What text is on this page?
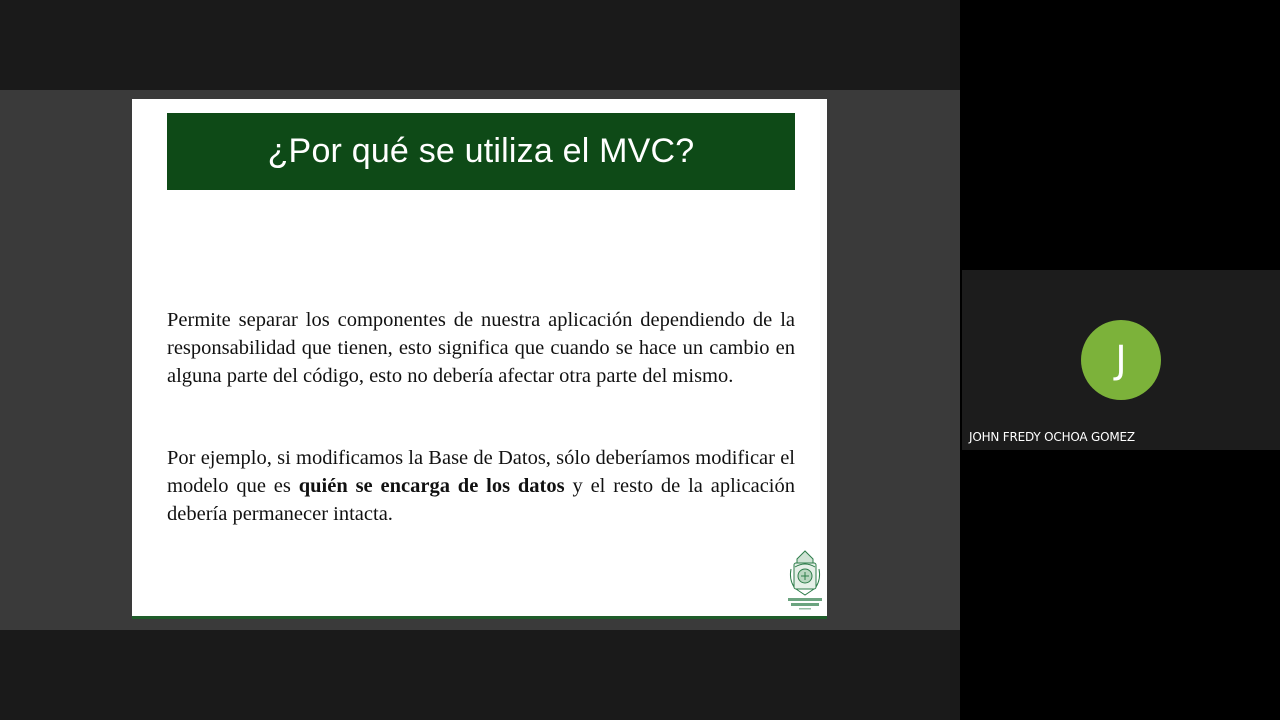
¿Por qué se utiliza el MVC?

Permite separar los componentes de nuestra aplicación dependiendo de la responsabilidad que tienen, esto significa que cuando se hace un cambio en alguna parte del código, esto no debería afectar otra parte del mismo.

Por ejemplo, si modificamos la Base de Datos, sólo deberíamos modificar el modelo que es quién se encarga de los datos y el resto de la aplicación debería permanecer intacta.

J
JOHN FREDY OCHOA GOMEZ
